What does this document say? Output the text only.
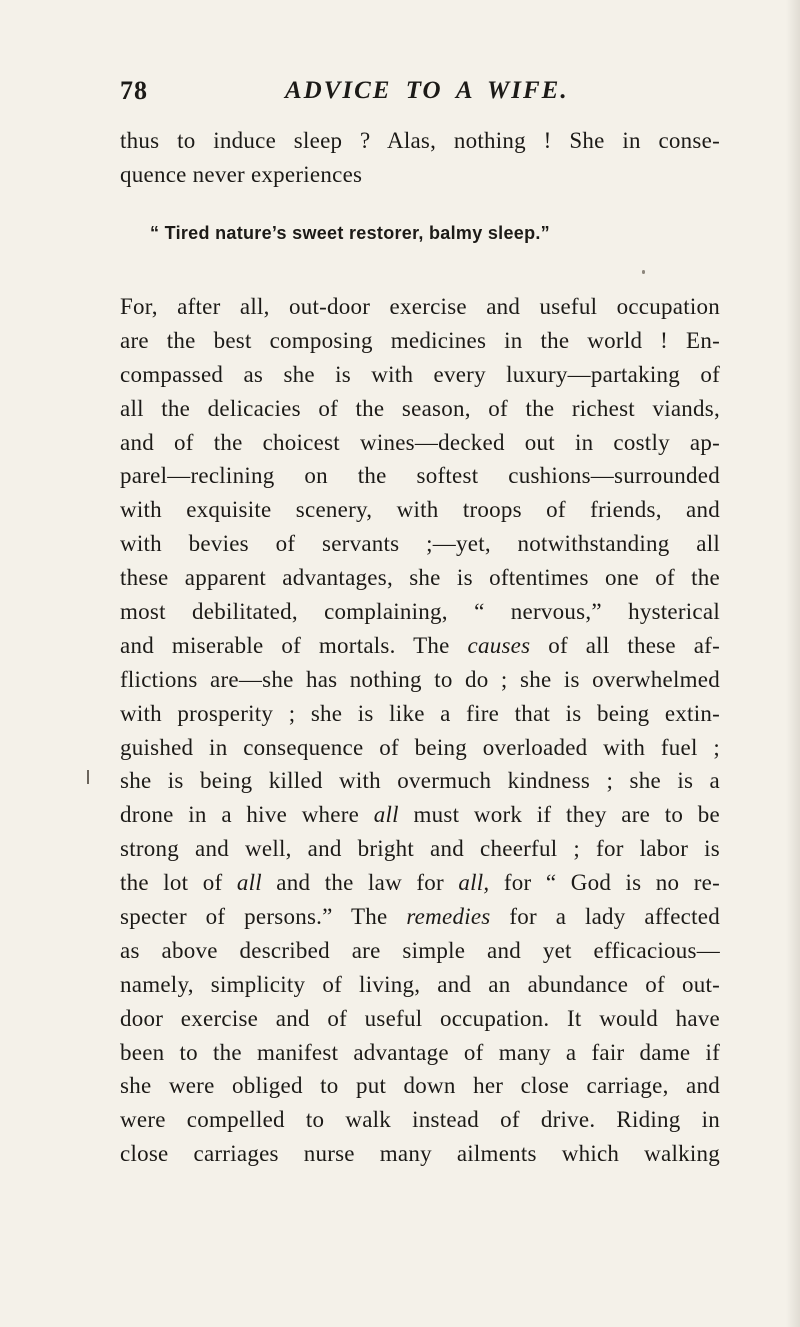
78	ADVICE TO A WIFE.
thus to induce sleep ? Alas, nothing ! She in conse-
quence never experiences
“ Tired nature’s sweet restorer, balmy sleep.”
For, after all, out-door exercise and useful occupation
are the best composing medicines in the world ! En-
compassed as she is with every luxury—partaking of
all the delicacies of the season, of the richest viands,
and of the choicest wines—decked out in costly ap-
parel—reclining on the softest cushions—surrounded
with exquisite scenery, with troops of friends, and
with bevies of servants ;—yet, notwithstanding all
these apparent advantages, she is oftentimes one of the
most debilitated, complaining, “ nervous,” hysterical
and miserable of mortals. The causes of all these af-
flictions are—she has nothing to do ; she is overwhelmed
with prosperity ; she is like a fire that is being extin-
guished in consequence of being overloaded with fuel ;
she is being killed with overmuch kindness ; she is a
drone in a hive where all must work if they are to be
strong and well, and bright and cheerful ; for labor is
the lot of all and the law for all, for “ God is no re-
specter of persons.” The remedies for a lady affected
as above described are simple and yet efficacious—
namely, simplicity of living, and an abundance of out-
door exercise and of useful occupation. It would have
been to the manifest advantage of many a fair dame if
she were obliged to put down her close carriage, and
were compelled to walk instead of drive. Riding in
close carriages nurse many ailments which walking
